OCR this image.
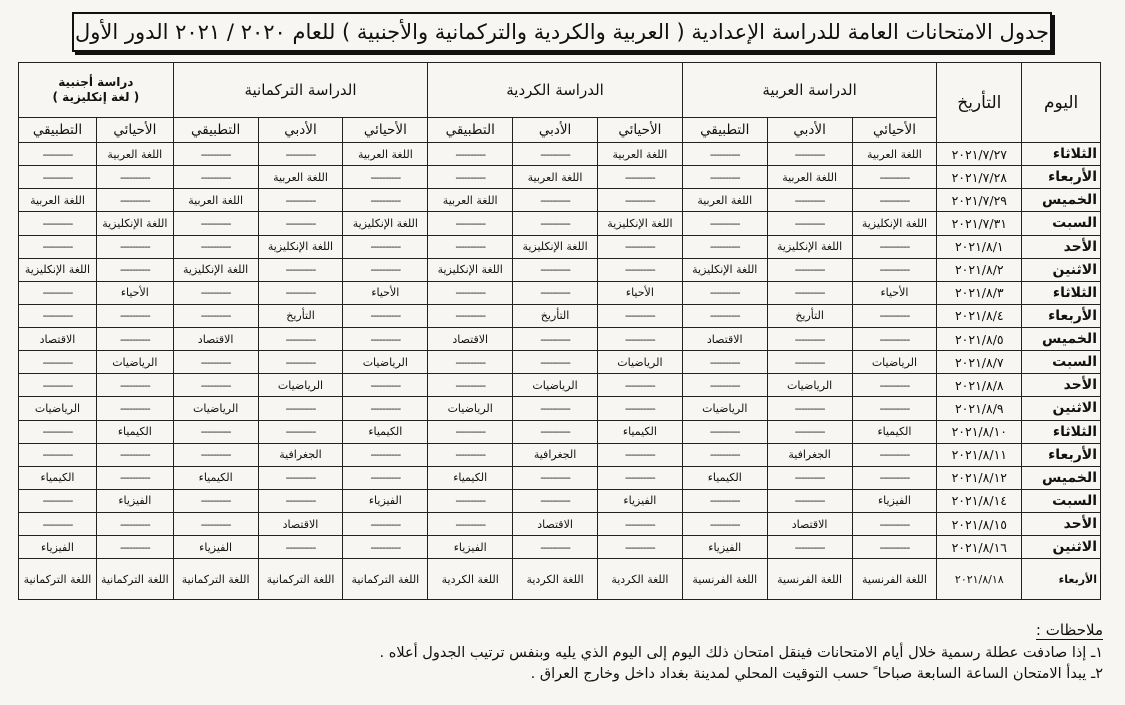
جدول الامتحانات العامة للدراسة الإعدادية ( العربية والكردية والتركمانية والأجنبية ) للعام ٢٠٢٠ / ٢٠٢١ الدور الأول
اليوم	التأريخ	الدراسة العربية			الدراسة الكردية			الدراسة التركمانية			دراسة أجنبية
( لغة إنكليزية )	

		الأحيائي	الأدبي	التطبيقي	الأحيائي	الأدبي	التطبيقي	الأحيائي	الأدبي	التطبيقي	الأحيائي	التطبيقي
الثلاثاء	٢٠٢١/٧/٢٧	اللغة العربية	----------	----------	اللغة العربية	----------	----------	اللغة العربية	----------	----------	اللغة العربية	----------
الأربعاء	٢٠٢١/٧/٢٨	----------	اللغة العربية	----------	----------	اللغة العربية	----------	----------	اللغة العربية	----------	----------	----------
الخميس	٢٠٢١/٧/٢٩	----------	----------	اللغة العربية	----------	----------	اللغة العربية	----------	----------	اللغة العربية	----------	اللغة العربية
السبت	٢٠٢١/٧/٣١	اللغة الإنكليزية	----------	----------	اللغة الإنكليزية	----------	----------	اللغة الإنكليزية	----------	----------	اللغة الإنكليزية	----------
الأحد	٢٠٢١/٨/١	----------	اللغة الإنكليزية	----------	----------	اللغة الإنكليزية	----------	----------	اللغة الإنكليزية	----------	----------	----------
الاثنين	٢٠٢١/٨/٢	----------	----------	اللغة الإنكليزية	----------	----------	اللغة الإنكليزية	----------	----------	اللغة الإنكليزية	----------	اللغة الإنكليزية
الثلاثاء	٢٠٢١/٨/٣	الأحياء	----------	----------	الأحياء	----------	----------	الأحياء	----------	----------	الأحياء	----------
الأربعاء	٢٠٢١/٨/٤	----------	التأريخ	----------	----------	التأريخ	----------	----------	التأريخ	----------	----------	----------
الخميس	٢٠٢١/٨/٥	----------	----------	الاقتصاد	----------	----------	الاقتصاد	----------	----------	الاقتصاد	----------	الاقتصاد
السبت	٢٠٢١/٨/٧	الرياضيات	----------	----------	الرياضيات	----------	----------	الرياضيات	----------	----------	الرياضيات	----------
الأحد	٢٠٢١/٨/٨	----------	الرياضيات	----------	----------	الرياضيات	----------	----------	الرياضيات	----------	----------	----------
الاثنين	٢٠٢١/٨/٩	----------	----------	الرياضيات	----------	----------	الرياضيات	----------	----------	الرياضيات	----------	الرياضيات
الثلاثاء	٢٠٢١/٨/١٠	الكيمياء	----------	----------	الكيمياء	----------	----------	الكيمياء	----------	----------	الكيمياء	----------
الأربعاء	٢٠٢١/٨/١١	----------	الجغرافية	----------	----------	الجغرافية	----------	----------	الجغرافية	----------	----------	----------
الخميس	٢٠٢١/٨/١٢	----------	----------	الكيمياء	----------	----------	الكيمياء	----------	----------	الكيمياء	----------	الكيمياء
السبت	٢٠٢١/٨/١٤	الفيزياء	----------	----------	الفيزياء	----------	----------	الفيزياء	----------	----------	الفيزياء	----------
الأحد	٢٠٢١/٨/١٥	----------	الاقتصاد	----------	----------	الاقتصاد	----------	----------	الاقتصاد	----------	----------	----------
الاثنين	٢٠٢١/٨/١٦	----------	----------	الفيزياء	----------	----------	الفيزياء	----------	----------	الفيزياء	----------	الفيزياء
الأربعاء	٢٠٢١/٨/١٨	اللغة الفرنسية	اللغة الفرنسية	اللغة الفرنسية	اللغة الكردية	اللغة الكردية	اللغة الكردية	اللغة التركمانية	اللغة التركمانية	اللغة التركمانية	اللغة التركمانية	اللغة التركمانية
ملاحظات :
١ـ إذا صادفت عطلة رسمية خلال أيام الامتحانات فينقل امتحان ذلك اليوم إلى اليوم الذي يليه وبنفس ترتيب الجدول أعلاه .
٢ـ يبدأ الامتحان الساعة السابعة صباحا ً حسب التوقيت المحلي لمدينة بغداد داخل وخارج العراق .
